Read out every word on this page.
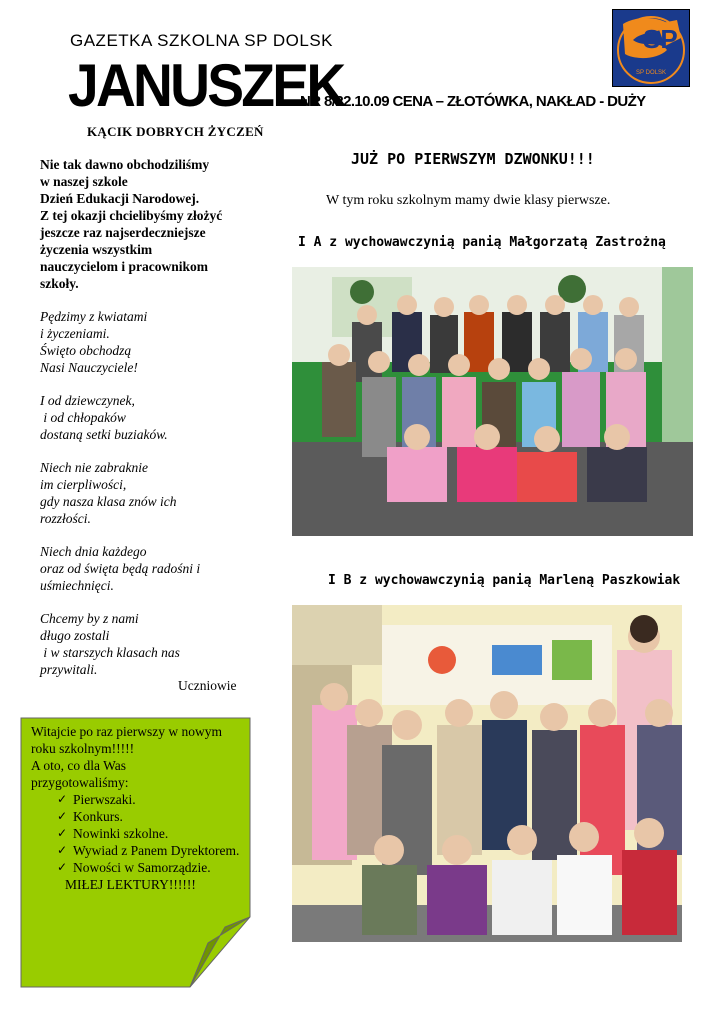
GAZETKA SZKOLNA SP DOLSK
JANUSZEK
NR 8/22.10.09 CENA – ZŁOTÓWKA, NAKŁAD - DUŻY
SP
SP DOLSK
KĄCIK DOBRYCH ŻYCZEŃ
Nie tak dawno obchodziliśmy
w naszej szkole
Dzień Edukacji Narodowej.
Z tej okazji chcielibyśmy złożyć
jeszcze raz najserdeczniejsze
życzenia wszystkim
nauczycielom i pracownikom
szkoły.

Pędzimy z kwiatami
i życzeniami.
Święto obchodzą
Nasi Nauczyciele!

I od dziewczynek,
i od chłopaków
dostaną setki buziaków.

Niech nie zabraknie
im cierpliwości,
gdy nasza klasa znów ich
rozzłości.

Niech dnia każdego
oraz od święta będą radośni i
uśmiechnięci.

Chcemy by z nami
długo zostali
i w starszych klasach nas
przywitali.

Uczniowie
Witajcie po raz pierwszy w nowym
roku szkolnym!!!!!
A oto, co dla Was
przygotowaliśmy:
✓ Pierwszaki.
✓ Konkurs.
✓ Nowinki szkolne.
✓ Wywiad z Panem Dyrektorem.
✓ Nowości w Samorządzie.
MIŁEJ LEKTURY!!!!!!
JUŻ PO PIERWSZYM DZWONKU!!!
W tym roku szkolnym mamy dwie klasy pierwsze.
I A z wychowawczynią panią Małgorzatą Zastrożną
I B z wychowawczynią panią Marleną Paszkowiak
